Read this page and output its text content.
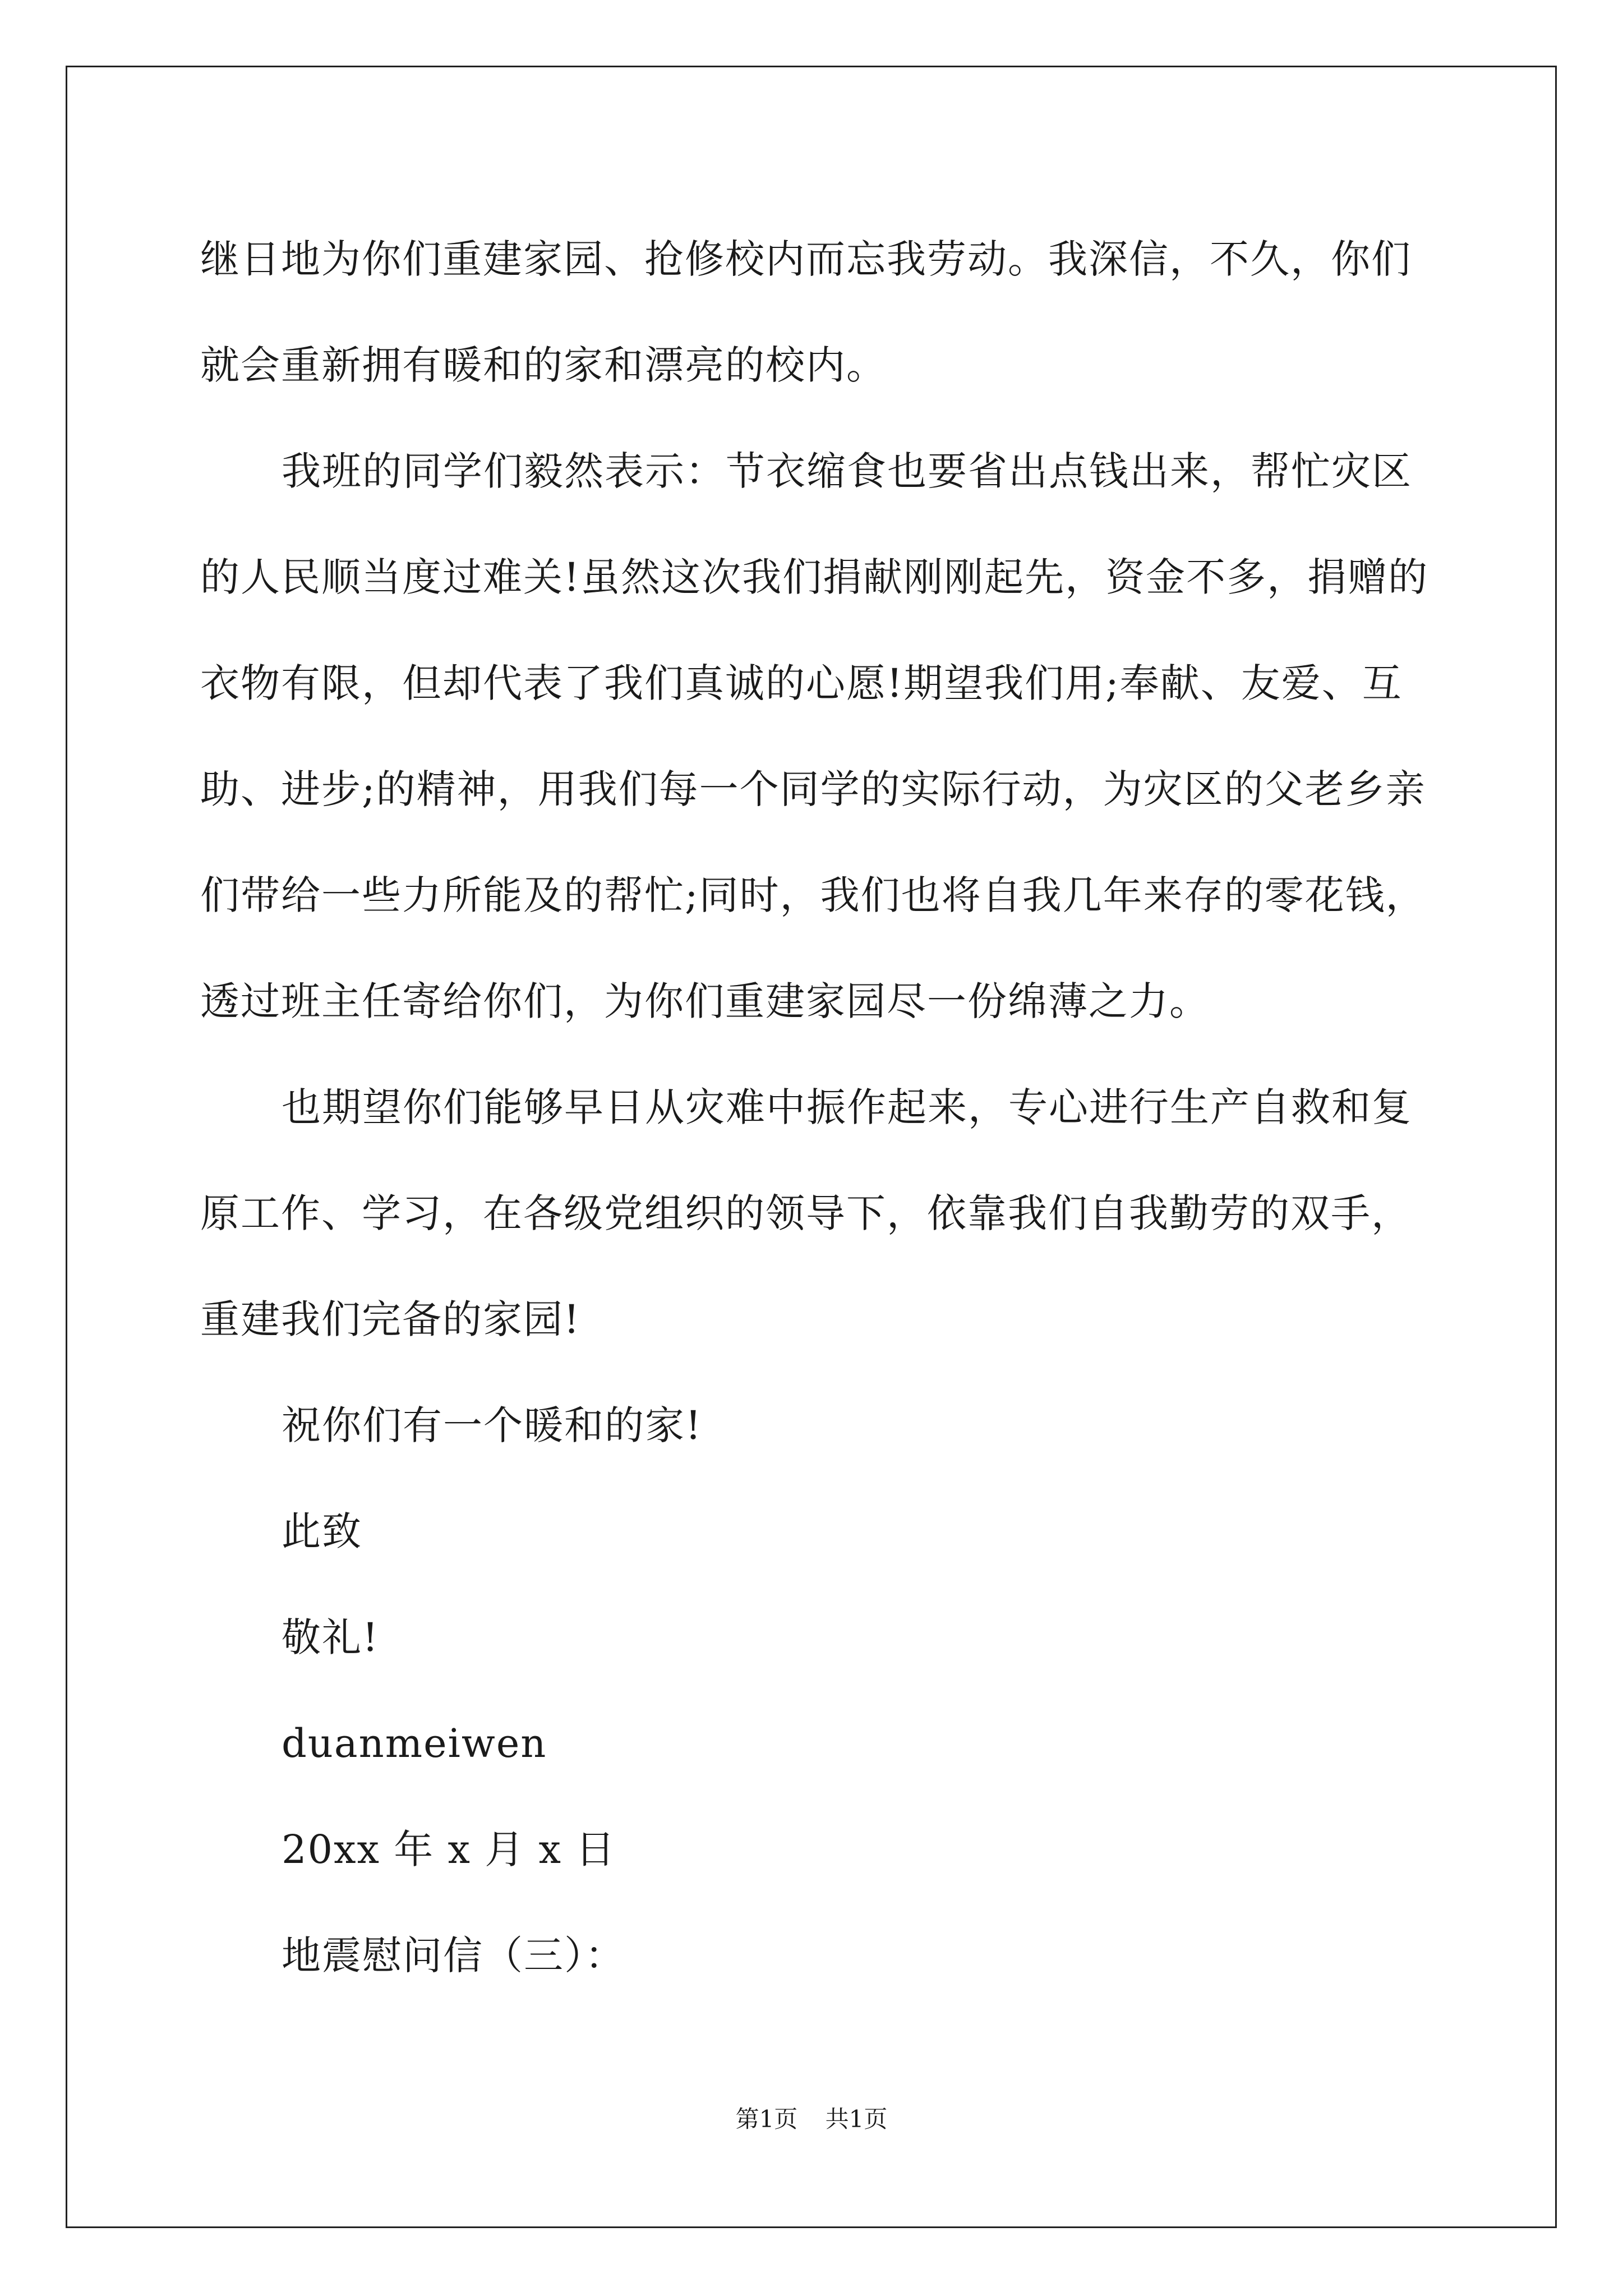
继日地为你们重建家园、抢修校内而忘我劳动。我深信，不久，你们
就会重新拥有暖和的家和漂亮的校内。
我班的同学们毅然表示：节衣缩食也要省出点钱出来，帮忙灾区
的人民顺当度过难关!虽然这次我们捐献刚刚起先，资金不多，捐赠的
衣物有限，但却代表了我们真诚的心愿!期望我们用;奉献、友爱、互
助、进步;的精神，用我们每一个同学的实际行动，为灾区的父老乡亲
们带给一些力所能及的帮忙;同时，我们也将自我几年来存的零花钱，
透过班主任寄给你们，为你们重建家园尽一份绵薄之力。
也期望你们能够早日从灾难中振作起来，专心进行生产自救和复
原工作、学习，在各级党组织的领导下，依靠我们自我勤劳的双手，
重建我们完备的家园!
祝你们有一个暖和的家!
此致
敬礼!
duanmeiwen
20xx 年 x 月 x 日
地震慰问信（三）：
第1页 共1页
